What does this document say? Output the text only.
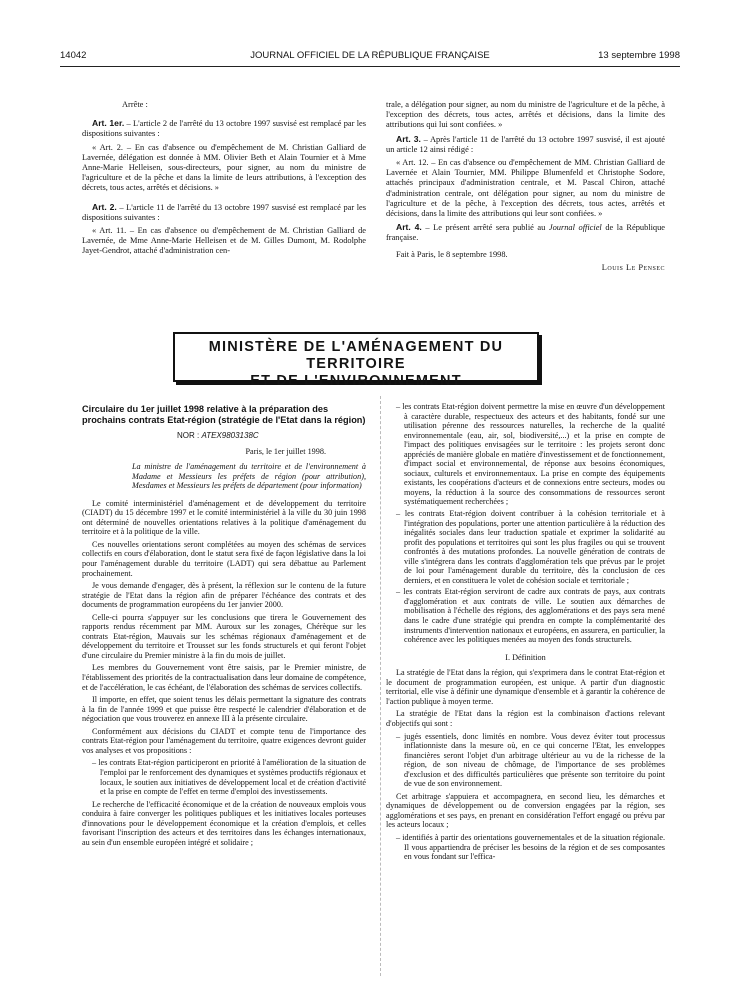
14042	JOURNAL OFFICIEL DE LA RÉPUBLIQUE FRANÇAISE	13 septembre 1998

Arrête :

Art. 1er. – L'article 2 de l'arrêté du 13 octobre 1997 susvisé est remplacé par les dispositions suivantes :

« Art. 2. – En cas d'absence ou d'empêchement de M. Christian Galliard de Lavernée, délégation est donnée à MM. Olivier Beth et Alain Tournier et à Mme Anne-Marie Helleisen, sous-directeurs, pour signer, au nom du ministre de l'agriculture et de la pêche et dans la limite de leurs attributions, à l'exception des décrets, tous actes, arrêtés et décisions. »

Art. 2. – L'article 11 de l'arrêté du 13 octobre 1997 susvisé est remplacé par les dispositions suivantes :

« Art. 11. – En cas d'absence ou d'empêchement de M. Christian Galliard de Lavernée, de Mme Anne-Marie Helleisen et de M. Gilles Dumont, M. Rodolphe Jayet-Gendrot, attaché d'administration cen-

trale, a délégation pour signer, au nom du ministre de l'agriculture et de la pêche, à l'exception des décrets, tous actes, arrêtés et décisions, dans la limite des attributions qui lui sont confiées. »

Art. 3. – Après l'article 11 de l'arrêté du 13 octobre 1997 susvisé, il est ajouté un article 12 ainsi rédigé :

« Art. 12. – En cas d'absence ou d'empêchement de MM. Christian Galliard de Lavernée et Alain Tournier, MM. Philippe Blumenfeld et Christophe Sodore, attachés principaux d'administration centrale, et M. Pascal Chiron, attaché d'administration centrale, ont délégation pour signer, au nom du ministre de l'agriculture et de la pêche, à l'exception des décrets, tous actes, arrêtés et décisions, dans la limite des attributions qui leur sont confiées. »

Art. 4. – Le présent arrêté sera publié au Journal officiel de la République française.

Fait à Paris, le 8 septembre 1998.

Louis Le Pensec

MINISTÈRE DE L'AMÉNAGEMENT DU TERRITOIRE
ET DE L'ENVIRONNEMENT
Circulaire du 1er juillet 1998 relative à la préparation des prochains contrats Etat-région (stratégie de l'Etat dans la région)
NOR : ATEX9803138C

Paris, le 1er juillet 1998.

La ministre de l'aménagement du territoire et de l'environnement à Madame et Messieurs les préfets de région (pour attribution), Mesdames et Messieurs les préfets de département (pour information)

Le comité interministériel d'aménagement et de développement du territoire (CIADT) du 15 décembre 1997 et le comité interministériel à la ville du 30 juin 1998 ont déterminé de nouvelles orientations relatives à la politique d'aménagement du territoire et à la politique de la ville.

Ces nouvelles orientations seront complétées au moyen des schémas de services collectifs en cours d'élaboration, dont le statut sera fixé de façon législative dans la loi pour l'aménagement durable du territoire (LADT) qui sera débattue au Parlement prochainement.

Je vous demande d'engager, dès à présent, la réflexion sur le contenu de la future stratégie de l'Etat dans la région afin de préparer l'échéance des contrats et des documents de programmation européens du 1er janvier 2000.

Celle-ci pourra s'appuyer sur les conclusions que tirera le Gouvernement des rapports rendus récemment par MM. Auroux sur les zonages, Chérèque sur les contrats Etat-région, Mauvais sur les schémas régionaux d'aménagement et de développement du territoire et Trousset sur les fonds structurels et qui feront l'objet d'une circulaire du Premier ministre à la fin du mois de juillet.

Les membres du Gouvernement vont être saisis, par le Premier ministre, de l'établissement des priorités de la contractualisation dans leur domaine de compétence, et de l'accélération, le cas échéant, de l'élaboration des schémas de services collectifs.

Il importe, en effet, que soient tenus les délais permettant la signature des contrats à la fin de l'année 1999 et que puisse être respecté le calendrier d'élaboration et de négociation que vous trouverez en annexe III à la présente circulaire.

Conformément aux décisions du CIADT et compte tenu de l'importance des contrats Etat-région pour l'aménagement du territoire, quatre exigences devront guider vos analyses et vos propositions :

– les contrats Etat-région participeront en priorité à l'amélioration de la situation de l'emploi par le renforcement des dynamiques et systèmes productifs régionaux et locaux, le soutien aux initiatives de développement local et de création d'activité et la prise en compte de l'effet en terme d'emploi des investissements.

Le recherche de l'efficacité économique et de la création de nouveaux emplois vous conduira à faire converger les politiques publiques et les initiatives locales porteuses d'innovations pour le développement économique et la création d'emplois, et celles favorisant l'inscription des acteurs et des territoires dans les échanges internationaux, au sein d'un ensemble européen intégré et solidaire ;

– les contrats Etat-région doivent permettre la mise en œuvre d'un développement à caractère durable, respectueux des acteurs et des habitants, fondé sur une utilisation pérenne des ressources naturelles, la recherche de la qualité environnementale (eau, air, sol, biodiversité,...) et la prise en compte de l'impact des politiques envisagées sur le territoire : les projets seront donc appréciés de manière globale en matière d'investissement et de fonctionnement, d'impact social et environnemental, de réponse aux besoins économiques, sociaux, culturels et environnementaux. La prise en compte des équipements existants, les coopérations d'acteurs et de connexions entre secteurs, modes ou moyens, la réduction à la source des consommations de ressources seront systématiquement recherchées ;
– les contrats Etat-région doivent contribuer à la cohésion territoriale et à l'intégration des populations, porter une attention particulière à la réduction des inégalités sociales dans leur traduction spatiale et exprimer la solidarité au profit des populations et territoires qui sont les plus fragiles ou qui se trouvent confrontés à des mutations profondes. La nouvelle génération de contrats de ville s'intégrera dans les contrats d'agglomération tels que prévus par le projet de loi pour l'aménagement durable du territoire, dès la conclusion de ces derniers, et en constituera le volet de cohésion sociale et territoriale ;
– les contrats Etat-région serviront de cadre aux contrats de pays, aux contrats d'agglomération et aux contrats de ville. Le soutien aux démarches de mobilisation à l'échelle des régions, des agglomérations et des pays sera mené dans le cadre d'une stratégie qui prendra en compte la complémentarité des instruments d'intervention nationaux et européens, en assurera, en particulier, la cohérence avec les politiques menées au moyen des fonds structurels.

I. Définition

La stratégie de l'Etat dans la région, qui s'exprimera dans le contrat Etat-région et le document de programmation européen, est unique. A partir d'un diagnostic territorial, elle vise à définir une dynamique d'ensemble et à garantir la cohérence de l'action publique à moyen terme.

La stratégie de l'Etat dans la région est la combinaison d'actions relevant d'objectifs qui sont :

– jugés essentiels, donc limités en nombre. Vous devez éviter tout processus inflationniste dans la mesure où, en ce qui concerne l'Etat, les enveloppes financières seront l'objet d'un arbitrage ultérieur au vu de la richesse de la région, de son niveau de chômage, de l'importance de ses problèmes d'exclusion et des difficultés particulières que présente son territoire du point de vue de son environnement.

Cet arbitrage s'appuiera et accompagnera, en second lieu, les démarches et dynamiques de développement ou de conversion engagées par la région, ses agglomérations et ses pays, en prenant en considération l'effort engagé ou prévu par les acteurs locaux ;

– identifiés à partir des orientations gouvernementales et de la situation régionale. Il vous appartiendra de préciser les besoins de la région et de ses composantes en vous fondant sur l'effica-
